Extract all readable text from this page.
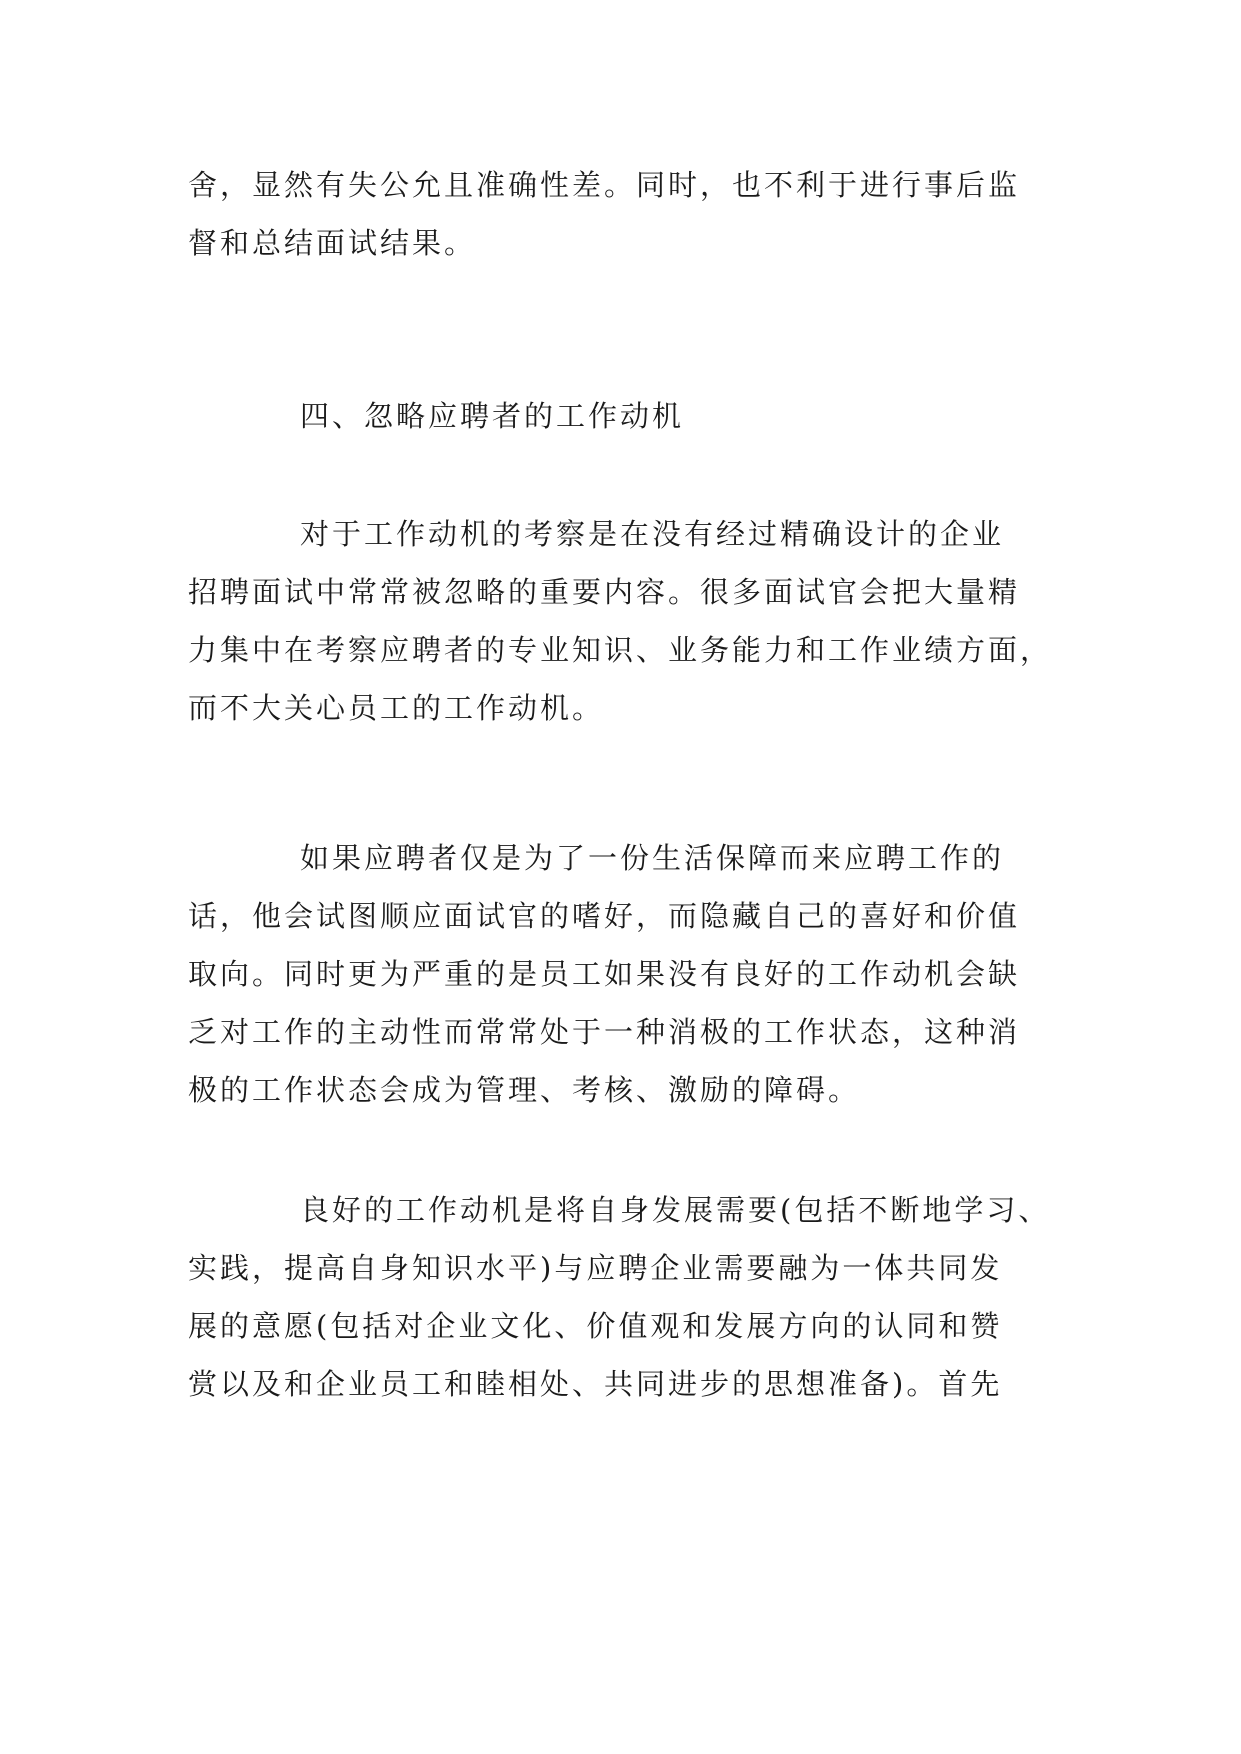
舍，显然有失公允且准确性差。同时，也不利于进行事后监
督和总结面试结果。

四、忽略应聘者的工作动机

对于工作动机的考察是在没有经过精确设计的企业
招聘面试中常常被忽略的重要内容。很多面试官会把大量精
力集中在考察应聘者的专业知识、业务能力和工作业绩方面，
而不大关心员工的工作动机。

如果应聘者仅是为了一份生活保障而来应聘工作的
话，他会试图顺应面试官的嗜好，而隐藏自己的喜好和价值
取向。同时更为严重的是员工如果没有良好的工作动机会缺
乏对工作的主动性而常常处于一种消极的工作状态，这种消
极的工作状态会成为管理、考核、激励的障碍。

良好的工作动机是将自身发展需要(包括不断地学习、
实践，提高自身知识水平)与应聘企业需要融为一体共同发
展的意愿(包括对企业文化、价值观和发展方向的认同和赞
赏以及和企业员工和睦相处、共同进步的思想准备)。首先
